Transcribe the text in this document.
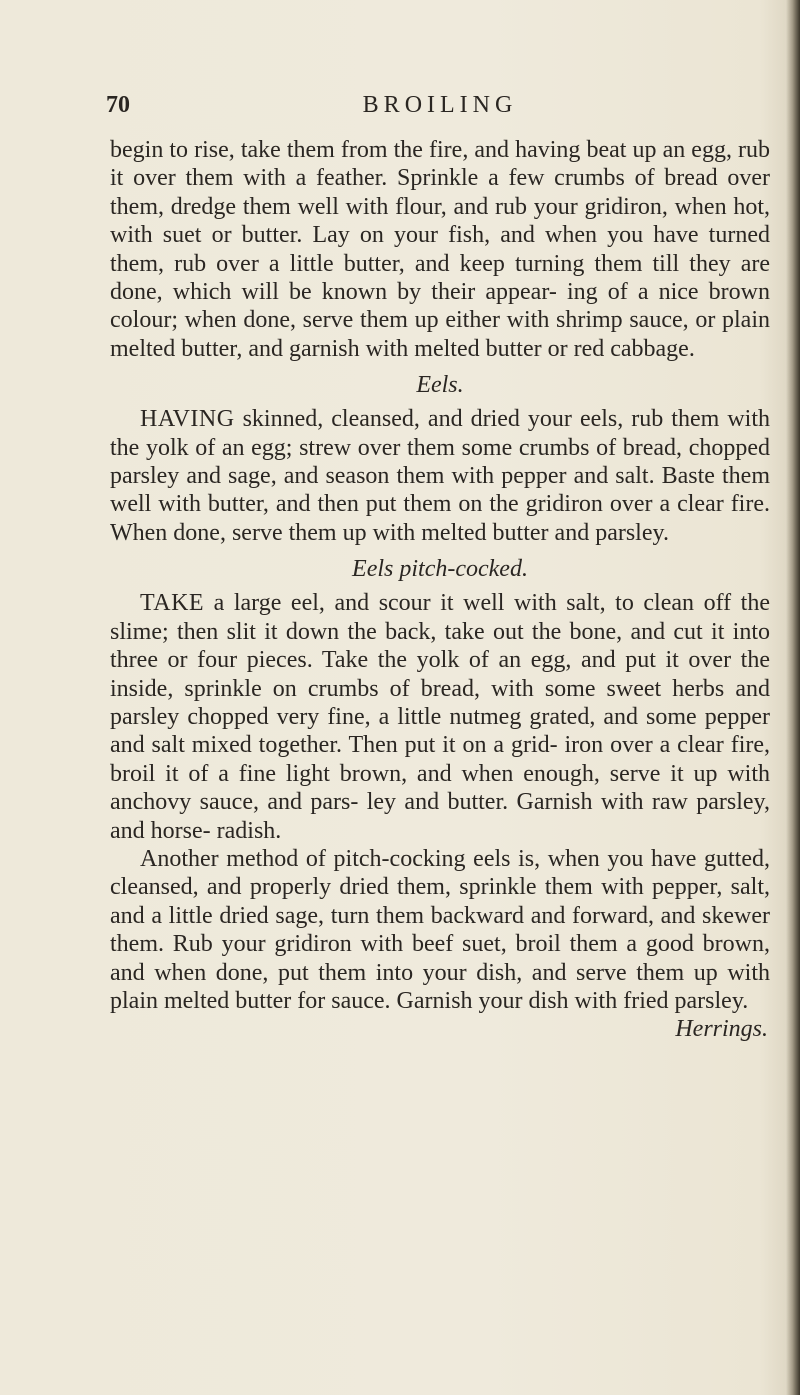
70	BROILING

begin to rise, take them from the fire, and having beat up an egg, rub it over them with a feather. Sprinkle a few crumbs of bread over them, dredge them well with flour, and rub your gridiron, when hot, with suet or butter. Lay on your fish, and when you have turned them, rub over a little butter, and keep turning them till they are done, which will be known by their appear- ing of a nice brown colour; when done, serve them up either with shrimp sauce, or plain melted butter, and garnish with melted butter or red cabbage.

Eels.

HAVING skinned, cleansed, and dried your eels, rub them with the yolk of an egg; strew over them some crumbs of bread, chopped parsley and sage, and season them with pepper and salt. Baste them well with butter, and then put them on the gridiron over a clear fire. When done, serve them up with melted butter and parsley.

Eels pitch-cocked.

TAKE a large eel, and scour it well with salt, to clean off the slime; then slit it down the back, take out the bone, and cut it into three or four pieces. Take the yolk of an egg, and put it over the inside, sprinkle on crumbs of bread, with some sweet herbs and parsley chopped very fine, a little nutmeg grated, and some pepper and salt mixed together. Then put it on a grid- iron over a clear fire, broil it of a fine light brown, and when enough, serve it up with anchovy sauce, and pars- ley and butter. Garnish with raw parsley, and horse- radish.

Another method of pitch-cocking eels is, when you have gutted, cleansed, and properly dried them, sprinkle them with pepper, salt, and a little dried sage, turn them backward and forward, and skewer them. Rub your gridiron with beef suet, broil them a good brown, and when done, put them into your dish, and serve them up with plain melted butter for sauce. Garnish your dish with fried parsley.

Herrings.
